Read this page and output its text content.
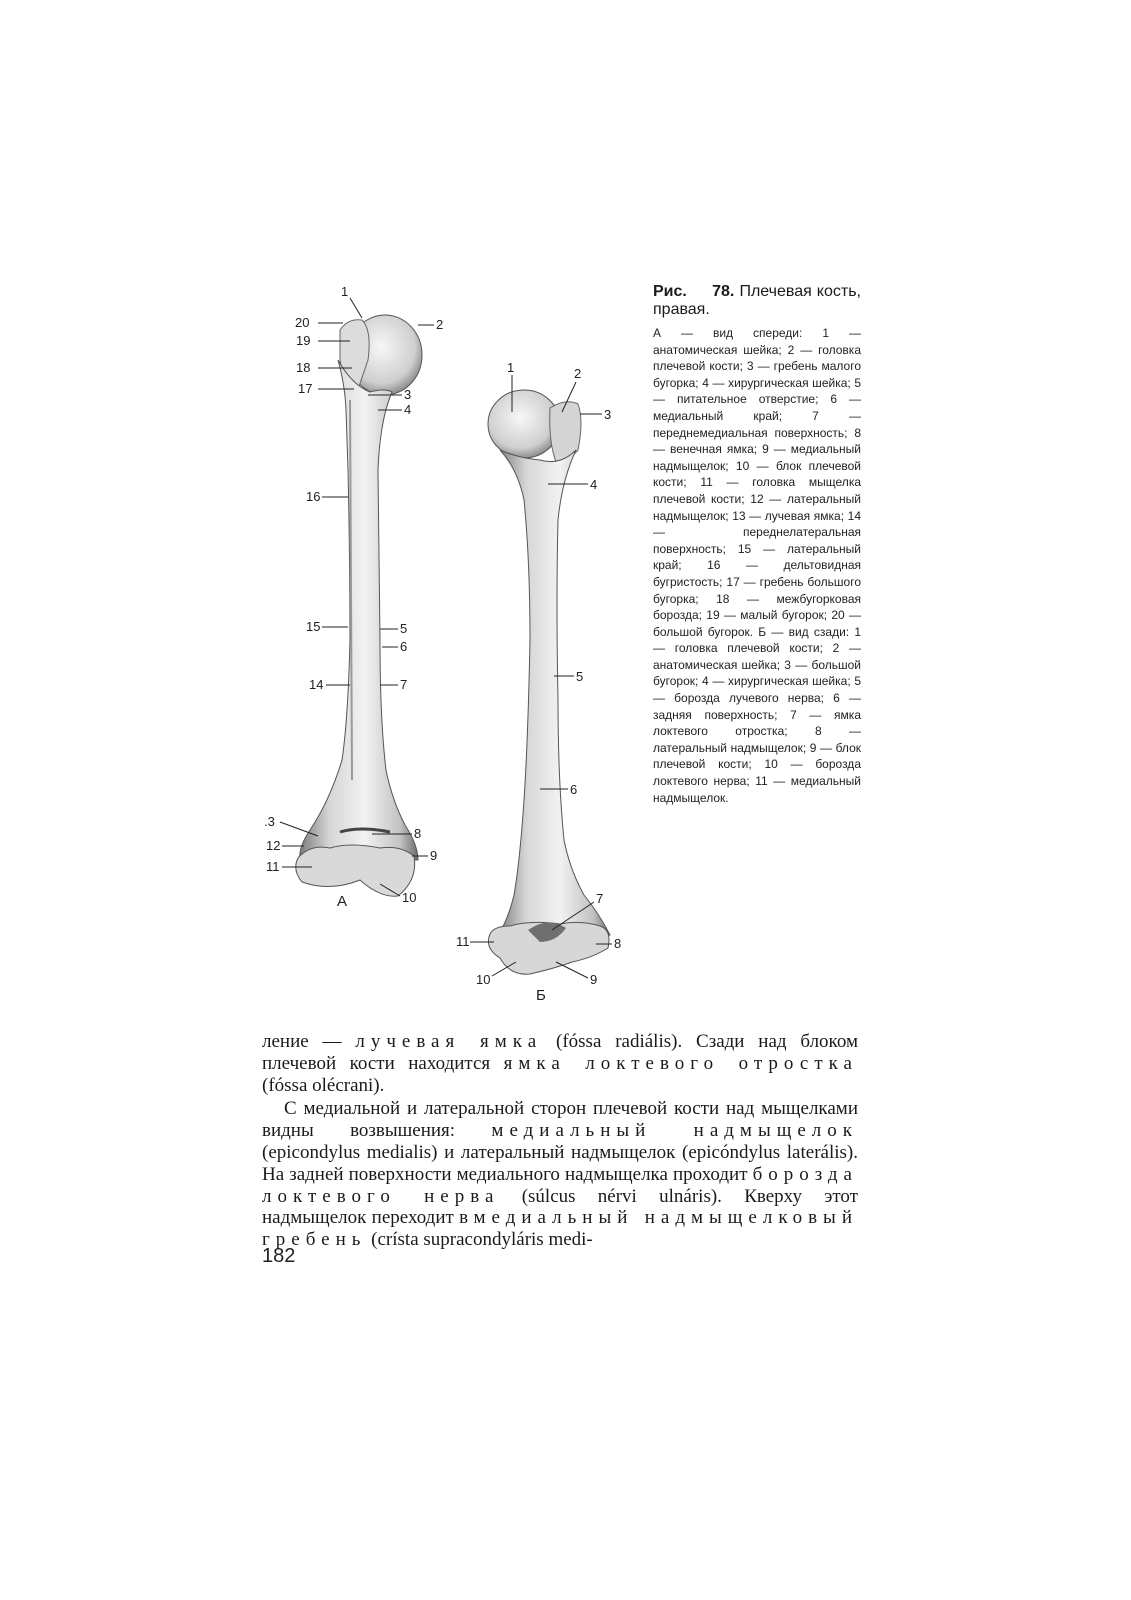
1
2
20
19
18
17	3
4
16
15	5
6
14	7
.3
12
11
8
9
10
А
1	2
3
4
5
6
7
11	8
10	9
Б

Рис. 78. Плечевая кость, правая.

А — вид спереди: 1 — анатомическая шейка; 2 — головка плечевой кости; 3 — гребень малого бугорка; 4 — хирургическая шейка; 5 — питательное отверстие; 6 — медиальный край; 7 — переднемедиальная поверхность; 8 — венечная ямка; 9 — медиальный надмыщелок; 10 — блок плечевой кости; 11 — головка мыщелка плечевой кости; 12 — латеральный надмыщелок; 13 — лучевая ямка; 14 — переднелатеральная поверхность; 15 — латеральный край; 16 — дельтовидная бугристость; 17 — гребень большого бугорка; 18 — межбугорковая борозда; 19 — малый бугорок; 20 — большой бугорок. Б — вид сзади: 1 — головка плечевой кости; 2 — анатомическая шейка; 3 — большой бугорок; 4 — хирургическая шейка; 5 — борозда лучевого нерва; 6 — задняя поверхность; 7 — ямка локтевого отростка; 8 — латеральный надмыщелок; 9 — блок плечевой кости; 10 — борозда локтевого нерва; 11 — медиальный надмыщелок.

ление — лучевая ямка (fóssa radiális). Сзади над блоком плечевой кости находится ямка локтевого отростка (fóssa olécrani).

С медиальной и латеральной сторон плечевой кости над мыщелками видны возвышения: медиальный надмыщелок (epicondylus medialis) и латеральный надмыщелок (epicóndylus laterális). На задней поверхности медиального надмыщелка проходит борозда локтевого нерва (súlcus nérvi ulnáris). Кверху этот надмыщелок переходит в медиальный надмыщелковый гребень (crísta supracondyláris medi-

182
